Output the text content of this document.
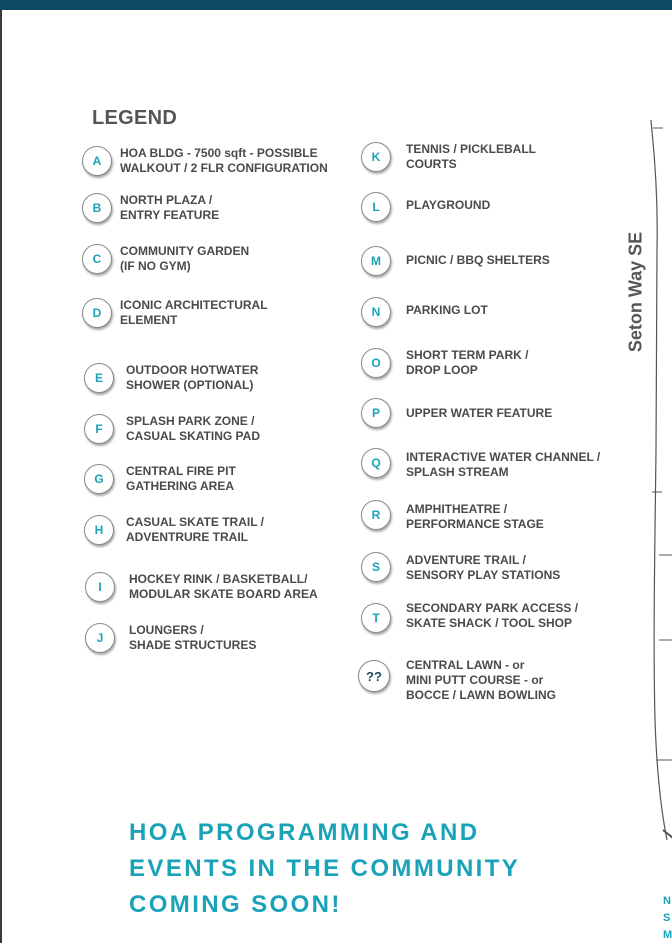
LEGEND
A
HOA BLDG - 7500 sqft - POSSIBLE
WALKOUT / 2 FLR CONFIGURATION
B
NORTH PLAZA /
ENTRY FEATURE
C
COMMUNITY GARDEN
(IF NO GYM)
D
ICONIC ARCHITECTURAL
ELEMENT
E
OUTDOOR HOTWATER
SHOWER (OPTIONAL)
F
SPLASH PARK ZONE /
CASUAL SKATING PAD
G
CENTRAL FIRE PIT
GATHERING AREA
H
CASUAL SKATE TRAIL /
ADVENTRURE TRAIL
I
HOCKEY RINK / BASKETBALL/
MODULAR SKATE BOARD AREA
J
LOUNGERS /
SHADE STRUCTURES
K
TENNIS / PICKLEBALL
COURTS
L	PLAYGROUND
M	PICNIC / BBQ SHELTERS
N	PARKING LOT
O
SHORT TERM PARK /
DROP LOOP
P	UPPER WATER FEATURE
Q	INTERACTIVE WATER CHANNEL /
SPLASH STREAM
R	AMPHITHEATRE /
PERFORMANCE STAGE
S	ADVENTURE TRAIL /
SENSORY PLAY STATIONS
T
SECONDARY PARK ACCESS /
SKATE SHACK / TOOL SHOP
??
CENTRAL LAWN - or
MINI PUTT COURSE - or
BOCCE / LAWN BOWLING
HOA PROGRAMMING AND
EVENTS IN THE COMMUNITY
COMING SOON!
Seton Way SE
N
S
M
